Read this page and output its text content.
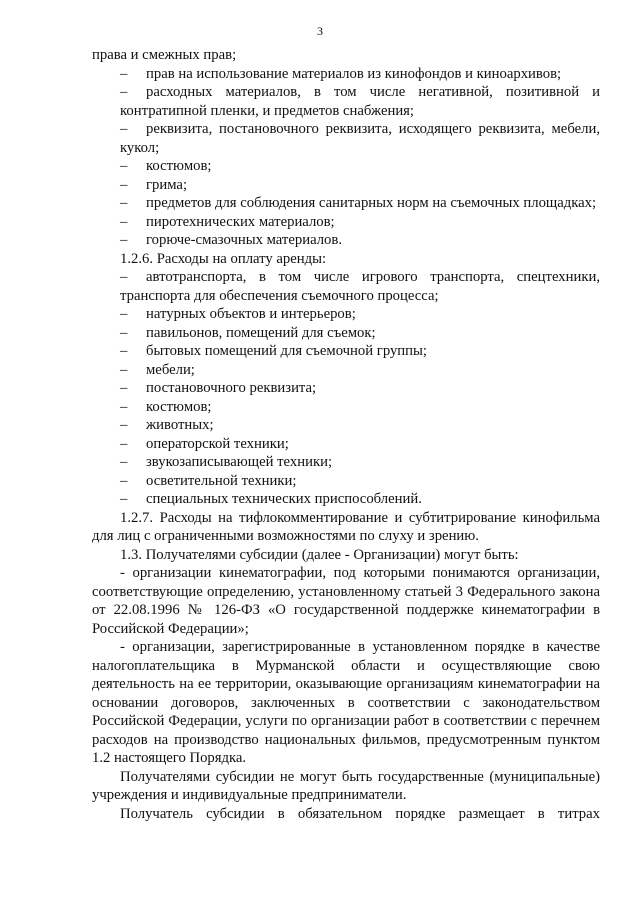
3

права и смежных прав;

– прав на использование материалов из кинофондов и киноархивов;

– расходных материалов, в том числе негативной, позитивной и контратипной пленки, и предметов снабжения;

– реквизита, постановочного реквизита, исходящего реквизита, мебели, кукол;

– костюмов;

– грима;

– предметов для соблюдения санитарных норм на съемочных площадках;

– пиротехнических материалов;

– горюче-смазочных материалов.

1.2.6. Расходы на оплату аренды:

– автотранспорта, в том числе игрового транспорта, спецтехники, транспорта для обеспечения съемочного процесса;

– натурных объектов и интерьеров;

– павильонов, помещений для съемок;

– бытовых помещений для съемочной группы;

– мебели;

– постановочного реквизита;

– костюмов;

– животных;

– операторской техники;

– звукозаписывающей техники;

– осветительной техники;

– специальных технических приспособлений.

1.2.7. Расходы на тифлокомментирование и субтитрирование кинофильма для лиц с ограниченными возможностями по слуху и зрению.

1.3. Получателями субсидии (далее - Организации) могут быть:

- организации кинематографии, под которыми понимаются организации, соответствующие определению, установленному статьей 3 Федерального закона от 22.08.1996 № 126-ФЗ «О государственной поддержке кинематографии в Российской Федерации»;

- организации, зарегистрированные в установленном порядке в качестве налогоплательщика в Мурманской области и осуществляющие свою деятельность на ее территории, оказывающие организациям кинематографии на основании договоров, заключенных в соответствии с законодательством Российской Федерации, услуги по организации работ в соответствии с перечнем расходов на производство национальных фильмов, предусмотренным пунктом 1.2 настоящего Порядка.

Получателями субсидии не могут быть государственные (муниципальные) учреждения и индивидуальные предприниматели.

Получатель субсидии в обязательном порядке размещает в титрах
